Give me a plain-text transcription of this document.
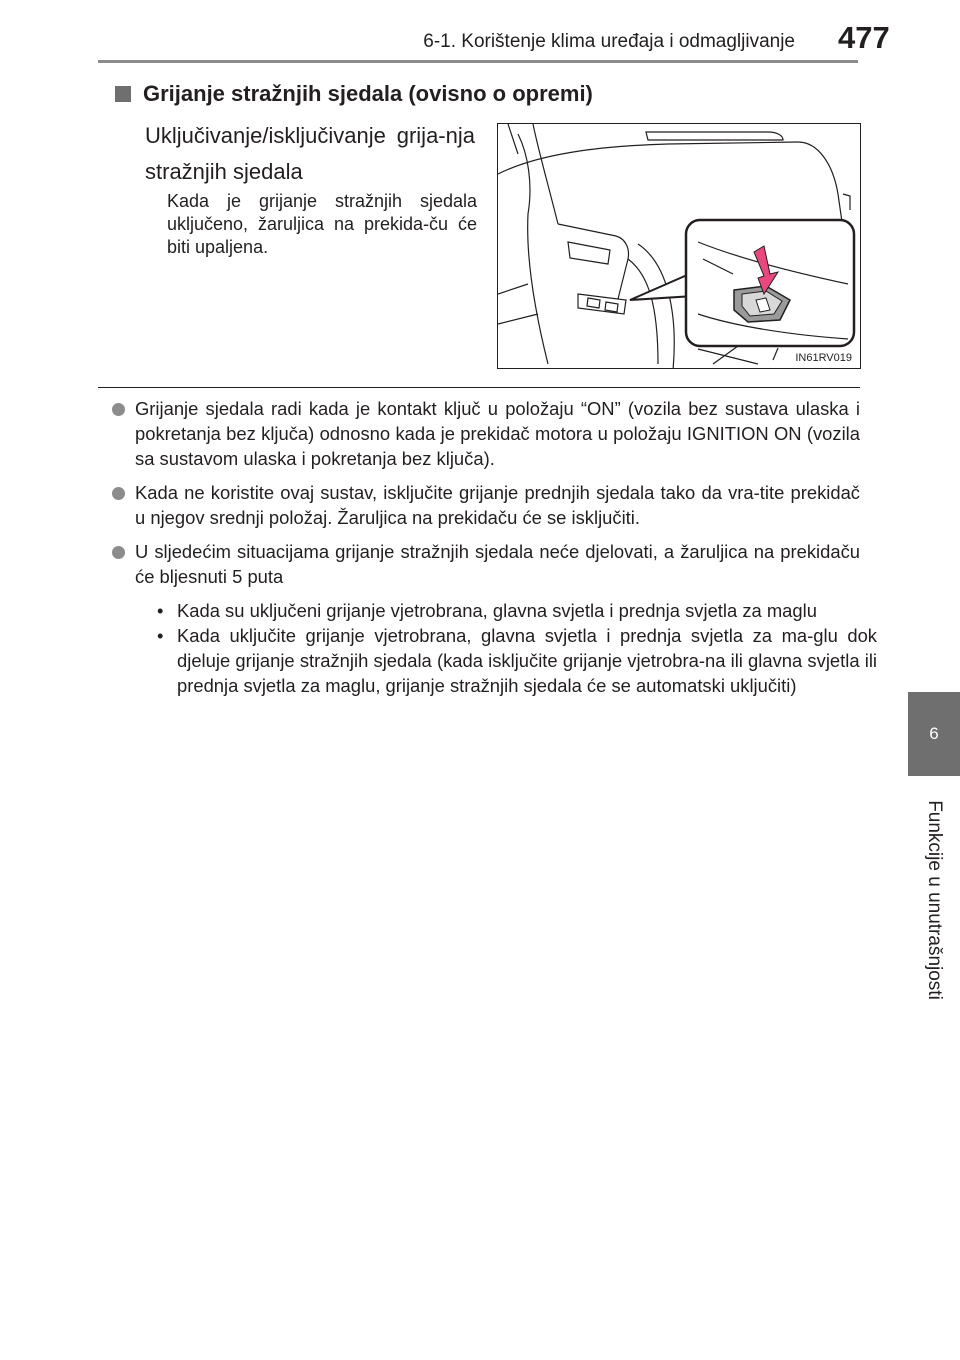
6-1. Korištenje klima uređaja i odmagljivanje 477
6
Funkcije u unutrašnjosti
Grijanje stražnjih sjedala (ovisno o opremi)
Uključivanje/isključivanje grija-nja stražnjih sjedala
Kada je grijanje stražnjih sjedala uključeno, žaruljica na prekida-ču će biti upaljena.
IN61RV019
Grijanje sjedala radi kada je kontakt ključ u položaju “ON” (vozila bez sustava ulaska i pokretanja bez ključa) odnosno kada je prekidač motora u položaju IGNITION ON (vozila sa sustavom ulaska i pokretanja bez ključa).
Kada ne koristite ovaj sustav, isključite grijanje prednjih sjedala tako da vra-tite prekidač u njegov srednji položaj. Žaruljica na prekidaču će se isključiti.
U sljedećim situacijama grijanje stražnjih sjedala neće djelovati, a žaruljica na prekidaču će bljesnuti 5 puta
• Kada su uključeni grijanje vjetrobrana, glavna svjetla i prednja svjetla za maglu
• Kada uključite grijanje vjetrobrana, glavna svjetla i prednja svjetla za ma-glu dok djeluje grijanje stražnjih sjedala (kada isključite grijanje vjetrobra-na ili glavna svjetla ili prednja svjetla za maglu, grijanje stražnjih sjedala će se automatski uključiti)
